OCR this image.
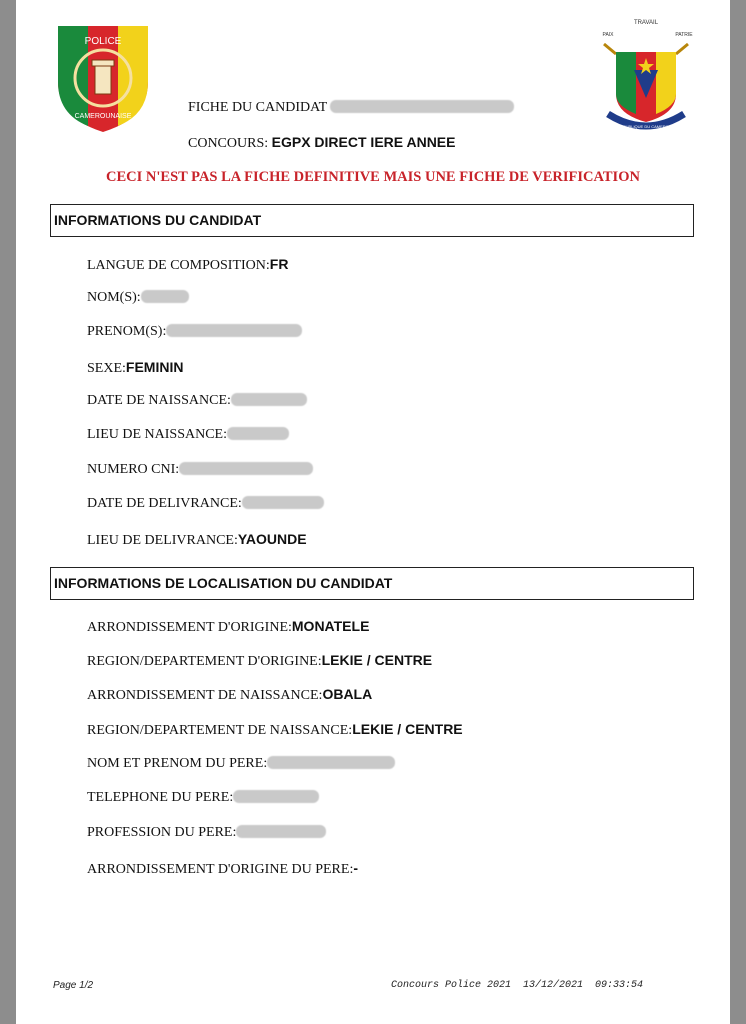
POLICE
CAMEROUNAISE
TRAVAIL
PAIX	PATRIE
REPUBLIQUE DU CAMEROUN
FICHE DU CANDIDAT
CONCOURS: EGPX DIRECT IERE ANNEE
CECI N'EST PAS LA FICHE DEFINITIVE MAIS UNE FICHE DE VERIFICATION
INFORMATIONS DU CANDIDAT
LANGUE DE COMPOSITION:FR
NOM(S):
PRENOM(S):
SEXE:FEMININ
DATE DE NAISSANCE:
LIEU DE NAISSANCE:
NUMERO CNI:
DATE DE DELIVRANCE:
LIEU DE DELIVRANCE:YAOUNDE
INFORMATIONS DE LOCALISATION DU CANDIDAT
ARRONDISSEMENT D'ORIGINE:MONATELE
REGION/DEPARTEMENT D'ORIGINE:LEKIE / CENTRE
ARRONDISSEMENT DE NAISSANCE:OBALA
REGION/DEPARTEMENT DE NAISSANCE:LEKIE / CENTRE
NOM ET PRENOM DU PERE:
TELEPHONE DU PERE:
PROFESSION DU PERE:
ARRONDISSEMENT D'ORIGINE DU PERE:-
Page 1/2	Concours Police 2021  13/12/2021  09:33:54
